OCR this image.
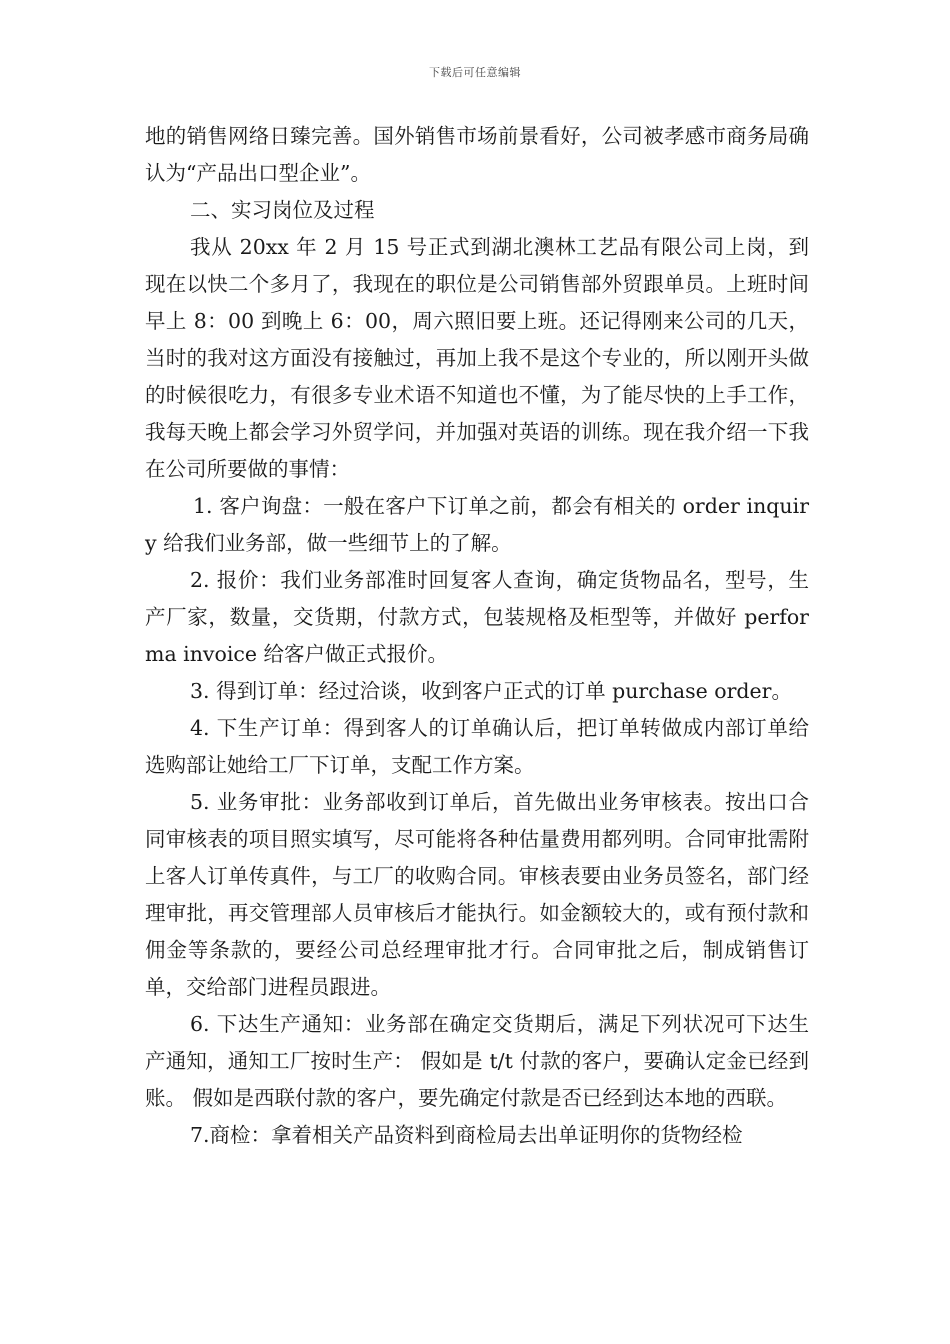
下载后可任意编辑

地的销售网络日臻完善。国外销售市场前景看好，公司被孝感市商务局确认为“产品出口型企业”。

二、实习岗位及过程

我从 20xx 年 2 月 15 号正式到湖北澳林工艺品有限公司上岗，到现在以快二个多月了，我现在的职位是公司销售部外贸跟单员。上班时间早上 8：00 到晚上 6：00，周六照旧要上班。还记得刚来公司的几天，当时的我对这方面没有接触过，再加上我不是这个专业的，所以刚开头做的时候很吃力，有很多专业术语不知道也不懂，为了能尽快的上手工作，我每天晚上都会学习外贸学问，并加强对英语的训练。现在我介绍一下我在公司所要做的事情：

1. 客户询盘：一般在客户下订单之前，都会有相关的 order inquiry 给我们业务部，做一些细节上的了解。

2. 报价：我们业务部准时回复客人查询，确定货物品名，型号，生产厂家，数量，交货期，付款方式，包装规格及柜型等，并做好 performa invoice 给客户做正式报价。

3. 得到订单：经过洽谈，收到客户正式的订单 purchase order。

4. 下生产订单：得到客人的订单确认后，把订单转做成内部订单给选购部让她给工厂下订单，支配工作方案。

5. 业务审批：业务部收到订单后，首先做出业务审核表。按出口合同审核表的项目照实填写，尽可能将各种估量费用都列明。合同审批需附上客人订单传真件，与工厂的收购合同。审核表要由业务员签名，部门经理审批，再交管理部人员审核后才能执行。如金额较大的，或有预付款和佣金等条款的，要经公司总经理审批才行。合同审批之后，制成销售订单，交给部门进程员跟进。

6. 下达生产通知：业务部在确定交货期后，满足下列状况可下达生产通知，通知工厂按时生产： 假如是 t/t 付款的客户，要确认定金已经到账。 假如是西联付款的客户，要先确定付款是否已经到达本地的西联。

7.商检：拿着相关产品资料到商检局去出单证明你的货物经检
